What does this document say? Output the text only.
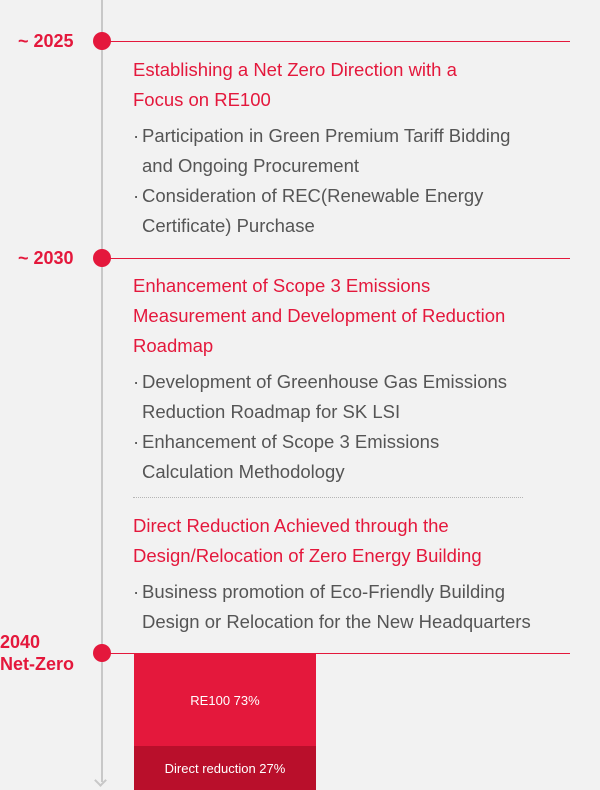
~ 2025
~ 2030
2040
Net-Zero

Establishing a Net Zero Direction with a
Focus on RE100

· Participation in Green Premium Tariff Bidding
and Ongoing Procurement
· Consideration of REC(Renewable Energy
Certificate) Purchase

Enhancement of Scope 3 Emissions
Measurement and Development of Reduction
Roadmap

· Development of Greenhouse Gas Emissions
Reduction Roadmap for SK LSI
· Enhancement of Scope 3 Emissions
Calculation Methodology

Direct Reduction Achieved through the
Design/Relocation of Zero Energy Building

· Business promotion of Eco-Friendly Building
Design or Relocation for the New Headquarters
RE100 73%
Direct reduction 27%
